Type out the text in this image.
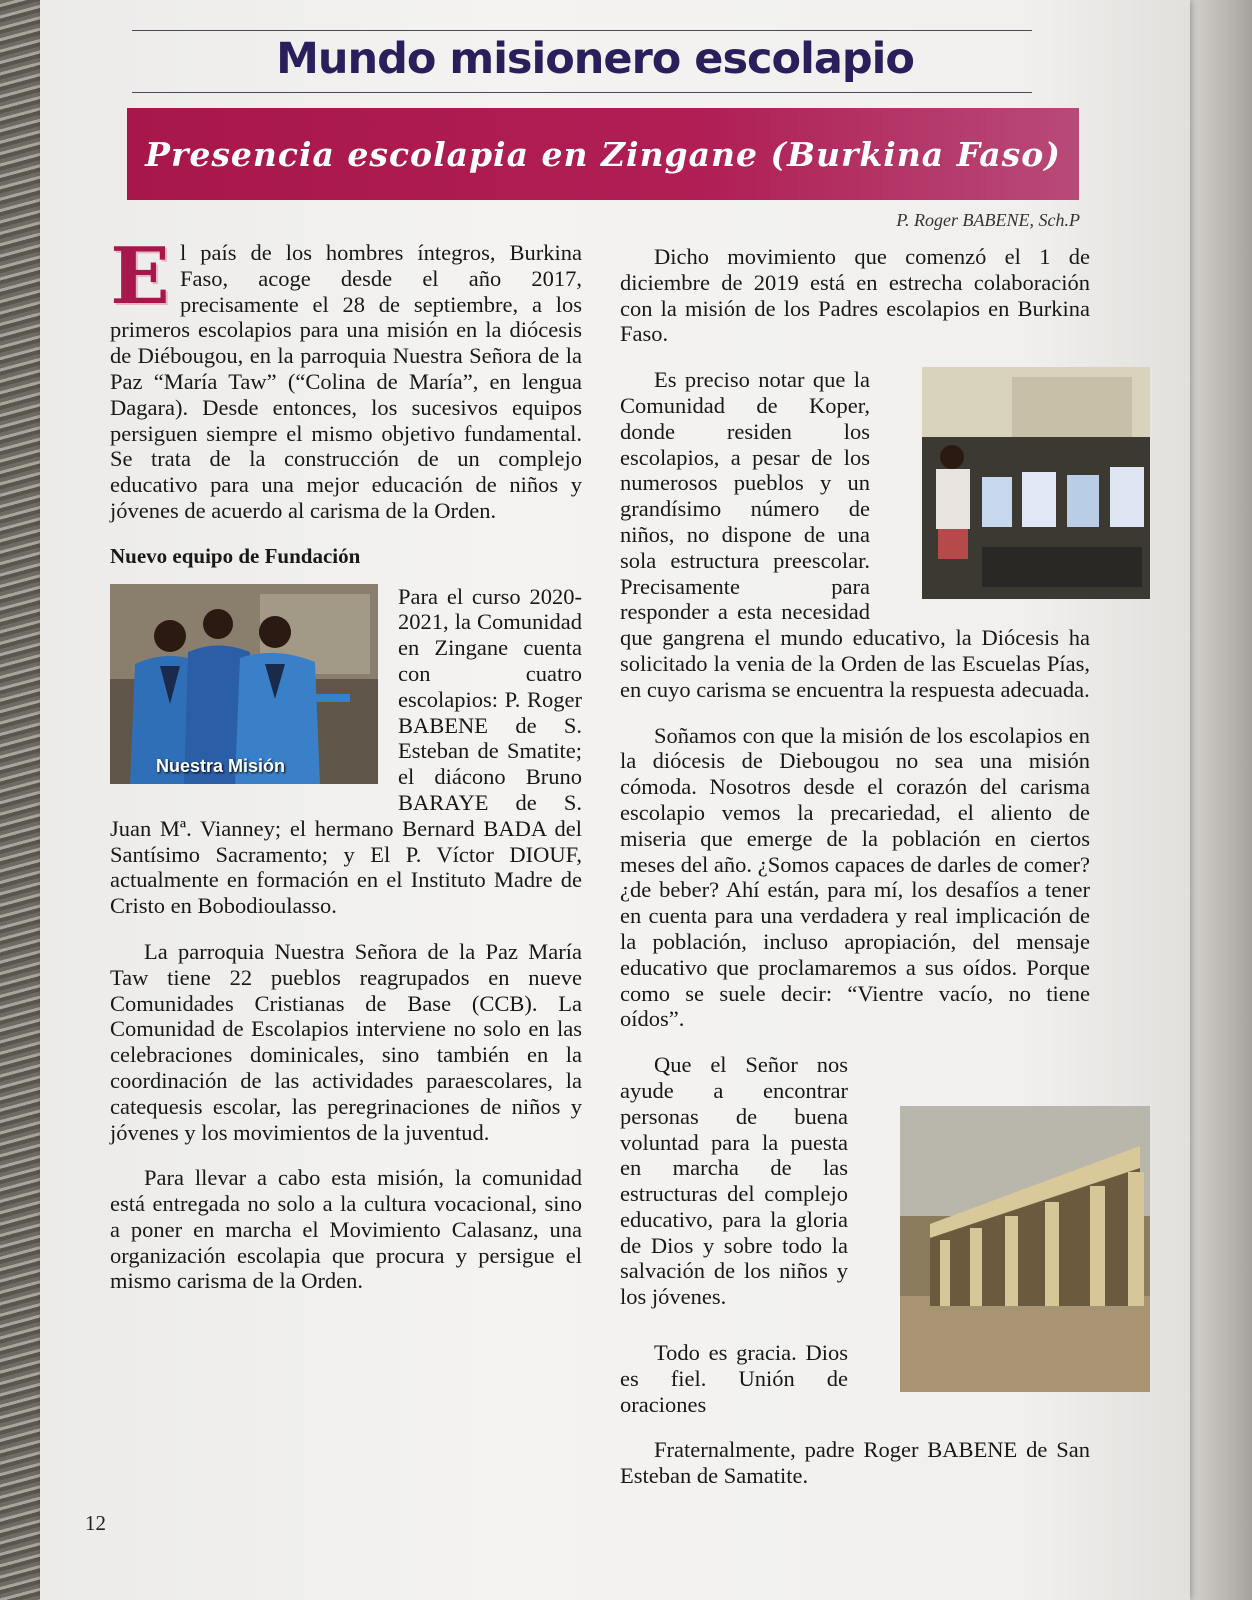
Mundo misionero escolapio
Presencia escolapia en Zingane (Burkina Faso)
P. Roger BABENE, Sch.P

El país de los hombres íntegros, Burkina Faso, acoge desde el año 2017, precisamente el 28 de septiembre, a los primeros escolapios para una misión en la diócesis de Diébougou, en la parroquia Nuestra Señora de la Paz “María Taw” (“Colina de María”, en lengua Dagara). Desde entonces, los sucesivos equipos persiguen siempre el mismo objetivo fundamental. Se trata de la construcción de un complejo educativo para una mejor educación de niños y jóvenes de acuerdo al carisma de la Orden.

Nuevo equipo de Fundación

Nuestra Misión
Para el curso 2020-2021, la Comunidad en Zingane cuenta con cuatro escolapios: P. Roger BABENE de S. Esteban de Smatite; el diácono Bruno BARAYE de S. Juan Mª. Vianney; el hermano Bernard BADA del Santísimo Sacramento; y El P. Víctor DIOUF, actualmente en formación en el Instituto Madre de Cristo en Bobodioulasso.

La parroquia Nuestra Señora de la Paz María Taw tiene 22 pueblos reagrupados en nueve Comunidades Cristianas de Base (CCB). La Comunidad de Escolapios interviene no solo en las celebraciones dominicales, sino también en la coordinación de las actividades paraescolares, la catequesis escolar, las peregrinaciones de niños y jóvenes y los movimientos de la juventud.

Para llevar a cabo esta misión, la comunidad está entregada no solo a la cultura vocacional, sino a poner en marcha el Movimiento Calasanz, una organización escolapia que procura y persigue el mismo carisma de la Orden.

Dicho movimiento que comenzó el 1 de diciembre de 2019 está en estrecha colaboración con la misión de los Padres escolapios en Burkina Faso.

Es preciso notar que la Comunidad de Koper, donde residen los escolapios, a pesar de los numerosos pueblos y un grandísimo número de niños, no dispone de una sola estructura preescolar. Precisamente para responder a esta necesidad que gangrena el mundo educativo, la Diócesis ha solicitado la venia de la Orden de las Escuelas Pías, en cuyo carisma se encuentra la respuesta adecuada.

Soñamos con que la misión de los escolapios en la diócesis de Diebougou no sea una misión cómoda. Nosotros desde el corazón del carisma escolapio vemos la precariedad, el aliento de miseria que emerge de la población en ciertos meses del año. ¿Somos capaces de darles de comer? ¿de beber? Ahí están, para mí, los desafíos a tener en cuenta para una verdadera y real implicación de la población, incluso apropiación, del mensaje educativo que proclamaremos a sus oídos. Porque como se suele decir: “Vientre vacío, no tiene oídos”.

Que el Señor nos ayude a encontrar personas de buena voluntad para la puesta en marcha de las estructuras del complejo educativo, para la gloria de Dios y sobre todo la salvación de los niños y los jóvenes.

Todo es gracia. Dios es fiel. Unión de oraciones

Fraternalmente, padre Roger BABENE de San Esteban de Samatite.

12
